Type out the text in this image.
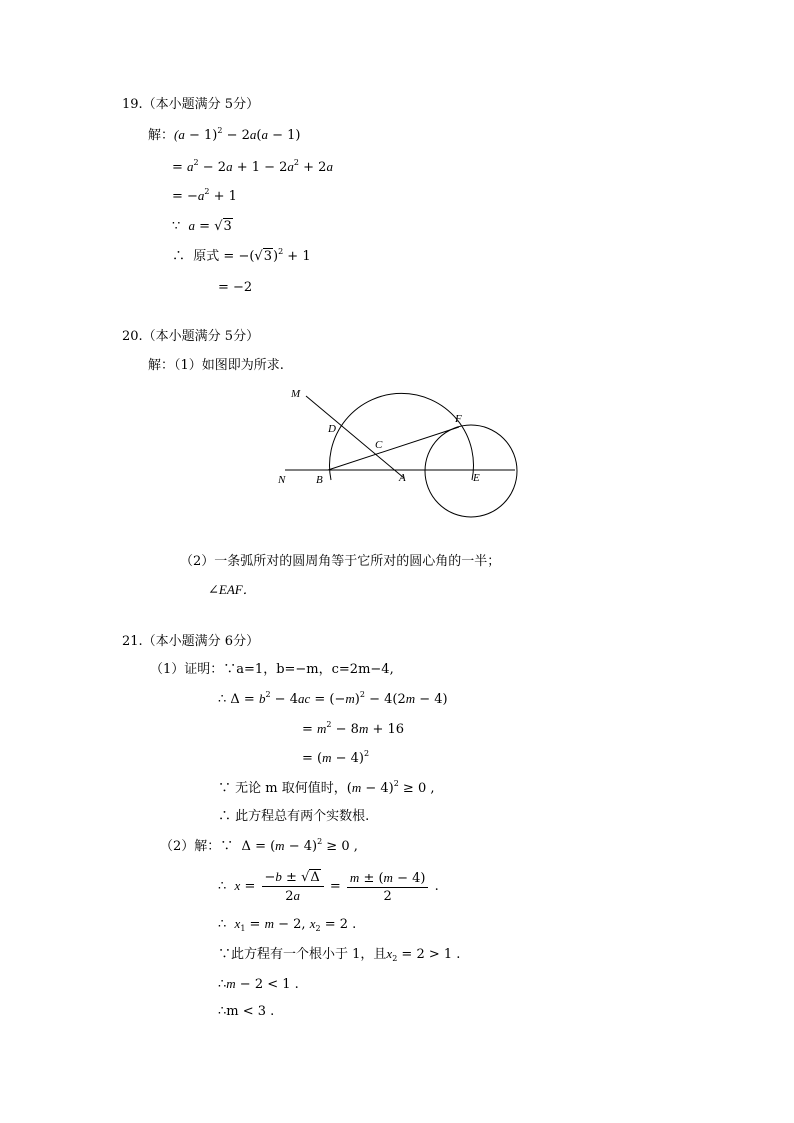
19.（本小题满分 5分）
解：$(a - 1)^2 - 2a(a - 1)$
= $a^2 - 2a + 1 - 2a^2 + 2a$
= $-a^2 + 1$
∵ a = √3
∴ 原式 = $-(√3)^2 + 1$
= −2
20.（本小题满分 5分）
解：（1）如图即为所求.
M
D
F
C
N	B	A	E
（2）一条弧所对的圆周角等于它所对的圆心角的一半；
∠EAF．
21.（本小题满分 6分）
（1）证明：∵a=1，b=−m，c=2m−4,
∴ $\Delta = b^2 - 4ac = (-m)^2 - 4(2m - 4)$
= $m^2 - 8m + 16$
= $(m - 4)^2$
∵ 无论 m 取何值时，$(m - 4)^2 \ge 0$ ,
∴ 此方程总有两个实数根.
（2）解：∵  $\Delta = (m - 4)^2 \ge 0$ ,
∴  $x = \frac{-b \pm √\Delta}{2a} = \frac{m \pm (m - 4)}{2}$ .
∴  $x_1 = m - 2$, $x_2 = 2$ .
∵此方程有一个根小于 1，且$x_2 = 2 > 1$ .
∴m − 2 < 1 .
∴m < 3 .
